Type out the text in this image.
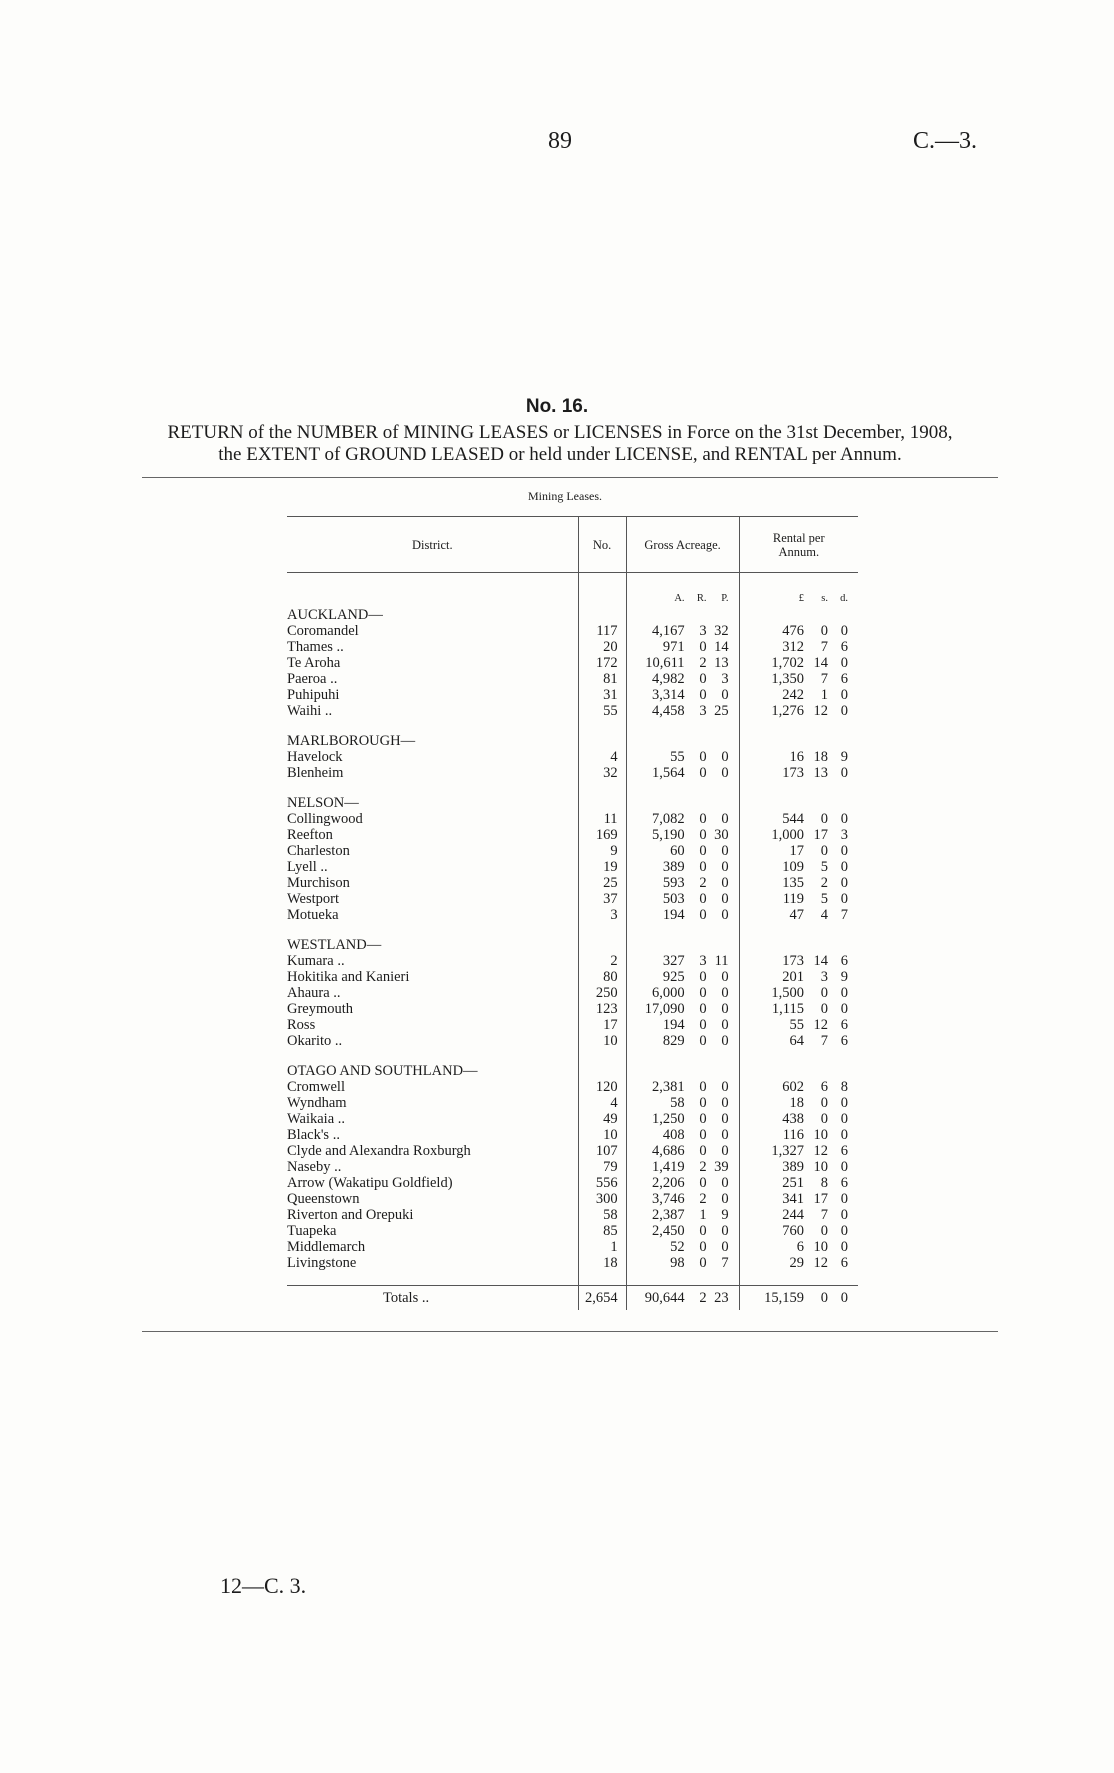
89	C.—3.
No. 16.
RETURN of the NUMBER of MINING LEASES or LICENSES in Force on the 31st December, 1908,
the EXTENT of GROUND LEASED or held under LICENSE, and RENTAL per Annum.
Mining Leases.
District.	No.	Gross Acreage.	Rental per Annum.

		A. R. P.	£ s. d.

AUCKLAND—			
Coromandel	117	4,167 3 32	476 0 0

Thames ..	20	971 0 14	312 7 6

Te Aroha	172	10,611 2 13	1,702 14 0

Paeroa ..	81	4,982 0 3	1,350 7 6

Puhipuhi	31	3,314 0 0	242 1 0

Waihi ..	55	4,458 3 25	1,276 12 0

MARLBOROUGH—			
Havelock	4	55 0 0	16 18 9

Blenheim	32	1,564 0 0	173 13 0

NELSON—			
Collingwood	11	7,082 0 0	544 0 0

Reefton	169	5,190 0 30	1,000 17 3

Charleston	9	60 0 0	17 0 0

Lyell ..	19	389 0 0	109 5 0

Murchison	25	593 2 0	135 2 0

Westport	37	503 0 0	119 5 0

Motueka	3	194 0 0	47 4 7

WESTLAND—			
Kumara ..	2	327 3 11	173 14 6

Hokitika and Kanieri	80	925 0 0	201 3 9

Ahaura ..	250	6,000 0 0	1,500 0 0

Greymouth	123	17,090 0 0	1,115 0 0

Ross	17	194 0 0	55 12 6

Okarito ..	10	829 0 0	64 7 6

OTAGO AND SOUTHLAND—			
Cromwell	120	2,381 0 0	602 6 8

Wyndham	4	58 0 0	18 0 0

Waikaia ..	49	1,250 0 0	438 0 0

Black's ..	10	408 0 0	116 10 0

Clyde and Alexandra Roxburgh	107	4,686 0 0	1,327 12 6

Naseby ..	79	1,419 2 39	389 10 0

Arrow (Wakatipu Goldfield)	556	2,206 0 0	251 8 6

Queenstown	300	3,746 2 0	341 17 0

Riverton and Orepuki	58	2,387 1 9	244 7 0

Tuapeka	85	2,450 0 0	760 0 0

Middlemarch	1	52 0 0	6 10 0

Livingstone	18	98 0 7	29 12 6

Totals ..	2,654	90,644 2 23	15,159 0 0
12—C. 3.
